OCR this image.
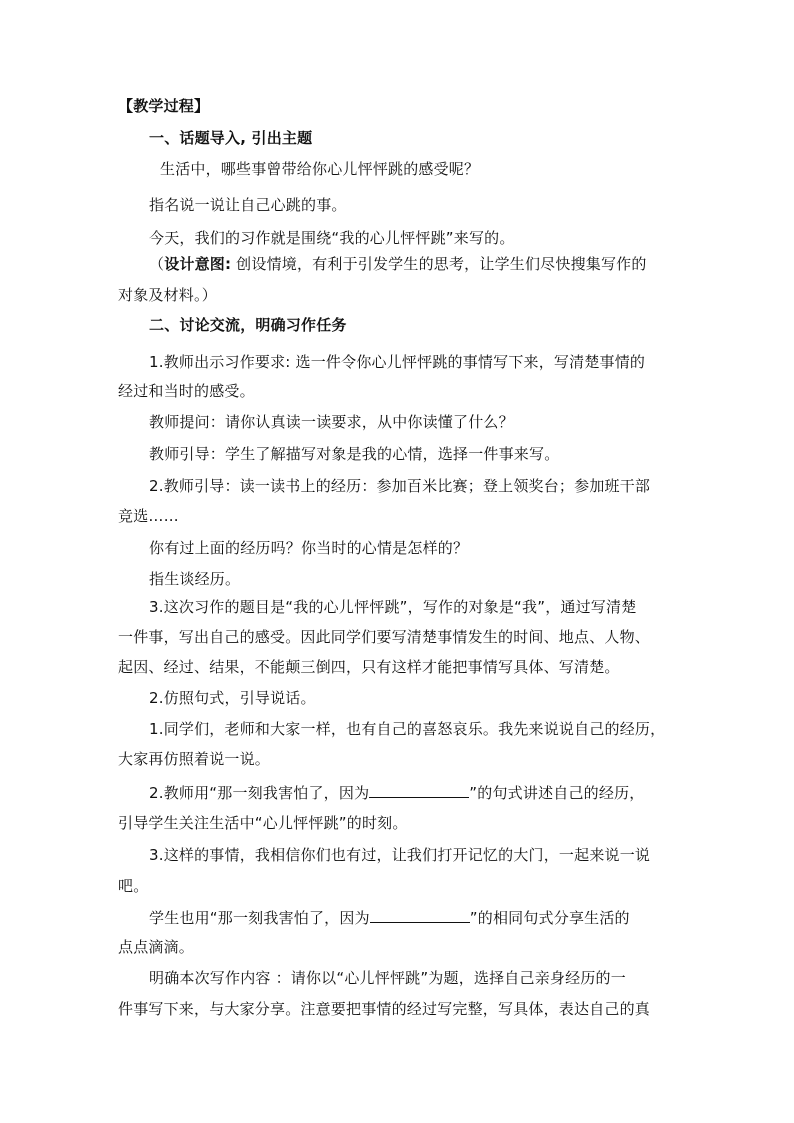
【教学过程】
一、话题导入, 引出主题
生活中，哪些事曾带给你心儿怦怦跳的感受呢？
指名说一说让自己心跳的事。
今天，我们的习作就是围绕“我的心儿怦怦跳”来写的。
（设计意图: 创设情境，有利于引发学生的思考，让学生们尽快搜集写作的
对象及材料。）
二、讨论交流，明确习作任务
1.教师出示习作要求: 选一件令你心儿怦怦跳的事情写下来，写清楚事情的
经过和当时的感受。
教师提问：请你认真读一读要求，从中你读懂了什么？
教师引导：学生了解描写对象是我的心情，选择一件事来写。
2.教师引导：读一读书上的经历：参加百米比赛；登上领奖台；参加班干部
竞选……
你有过上面的经历吗？你当时的心情是怎样的？
指生谈经历。
3.这次习作的题目是“我的心儿怦怦跳”，写作的对象是“我”，通过写清楚
一件事，写出自己的感受。因此同学们要写清楚事情发生的时间、地点、人物、
起因、经过、结果，不能颠三倒四，只有这样才能把事情写具体、写清楚。
2.仿照句式，引导说话。
1.同学们，老师和大家一样，也有自己的喜怒哀乐。我先来说说自己的经历，
大家再仿照着说一说。
2.教师用“那一刻我害怕了，因为	”的句式讲述自己的经历，
引导学生关注生活中“心儿怦怦跳”的时刻。
3.这样的事情，我相信你们也有过，让我们打开记忆的大门，一起来说一说
吧。
学生也用“那一刻我害怕了，因为	”的相同句式分享生活的
点点滴滴。
明确本次写作内容 ：请你以“心儿怦怦跳”为题，选择自己亲身经历的一
件事写下来，与大家分享。注意要把事情的经过写完整，写具体，表达自己的真
